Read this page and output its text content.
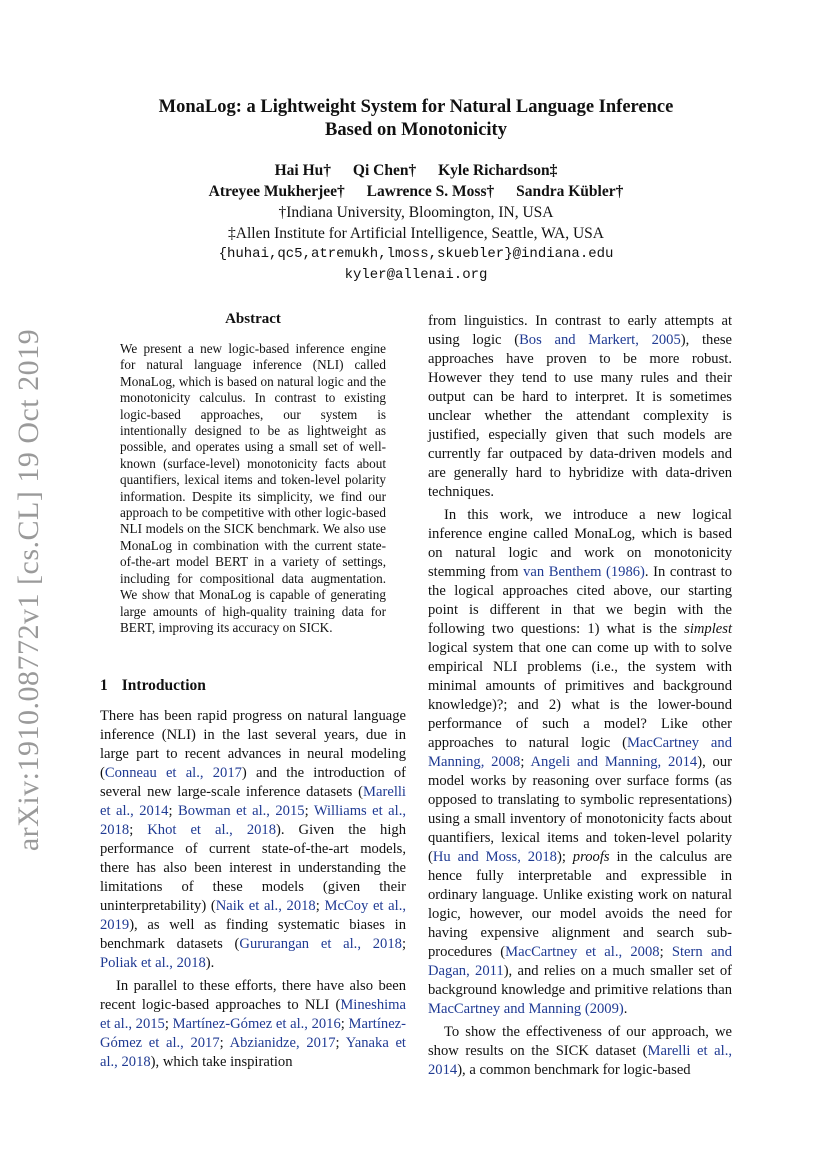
arXiv:1910.08772v1 [cs.CL] 19 Oct 2019
MonaLog: a Lightweight System for Natural Language Inference
Based on Monotonicity
Hai Hu† Qi Chen† Kyle Richardson‡
Atreyee Mukherjee† Lawrence S. Moss† Sandra Kübler†
†Indiana University, Bloomington, IN, USA
‡Allen Institute for Artificial Intelligence, Seattle, WA, USA
{huhai,qc5,atremukh,lmoss,skuebler}@indiana.edu
kyler@allenai.org
Abstract

We present a new logic-based inference engine for natural language inference (NLI) called MonaLog, which is based on natural logic and the monotonicity calculus. In contrast to existing logic-based approaches, our system is intentionally designed to be as lightweight as possible, and operates using a small set of well-known (surface-level) monotonicity facts about quantifiers, lexical items and token-level polarity information. Despite its simplicity, we find our approach to be competitive with other logic-based NLI models on the SICK benchmark. We also use MonaLog in combination with the current state-of-the-art model BERT in a variety of settings, including for compositional data augmentation. We show that MonaLog is capable of generating large amounts of high-quality training data for BERT, improving its accuracy on SICK.

1 Introduction

There has been rapid progress on natural language inference (NLI) in the last several years, due in large part to recent advances in neural modeling (Conneau et al., 2017) and the introduction of several new large-scale inference datasets (Marelli et al., 2014; Bowman et al., 2015; Williams et al., 2018; Khot et al., 2018). Given the high performance of current state-of-the-art models, there has also been interest in understanding the limitations of these models (given their uninterpretability) (Naik et al., 2018; McCoy et al., 2019), as well as finding systematic biases in benchmark datasets (Gururangan et al., 2018; Poliak et al., 2018).

In parallel to these efforts, there have also been recent logic-based approaches to NLI (Mineshima et al., 2015; Martínez-Gómez et al., 2016; Martínez-Gómez et al., 2017; Abzianidze, 2017; Yanaka et al., 2018), which take inspiration

from linguistics. In contrast to early attempts at using logic (Bos and Markert, 2005), these approaches have proven to be more robust. However they tend to use many rules and their output can be hard to interpret. It is sometimes unclear whether the attendant complexity is justified, especially given that such models are currently far outpaced by data-driven models and are generally hard to hybridize with data-driven techniques.

In this work, we introduce a new logical inference engine called MonaLog, which is based on natural logic and work on monotonicity stemming from van Benthem (1986). In contrast to the logical approaches cited above, our starting point is different in that we begin with the following two questions: 1) what is the simplest logical system that one can come up with to solve empirical NLI problems (i.e., the system with minimal amounts of primitives and background knowledge)?; and 2) what is the lower-bound performance of such a model? Like other approaches to natural logic (MacCartney and Manning, 2008; Angeli and Manning, 2014), our model works by reasoning over surface forms (as opposed to translating to symbolic representations) using a small inventory of monotonicity facts about quantifiers, lexical items and token-level polarity (Hu and Moss, 2018); proofs in the calculus are hence fully interpretable and expressible in ordinary language. Unlike existing work on natural logic, however, our model avoids the need for having expensive alignment and search sub-procedures (MacCartney et al., 2008; Stern and Dagan, 2011), and relies on a much smaller set of background knowledge and primitive relations than MacCartney and Manning (2009).

To show the effectiveness of our approach, we show results on the SICK dataset (Marelli et al., 2014), a common benchmark for logic-based
